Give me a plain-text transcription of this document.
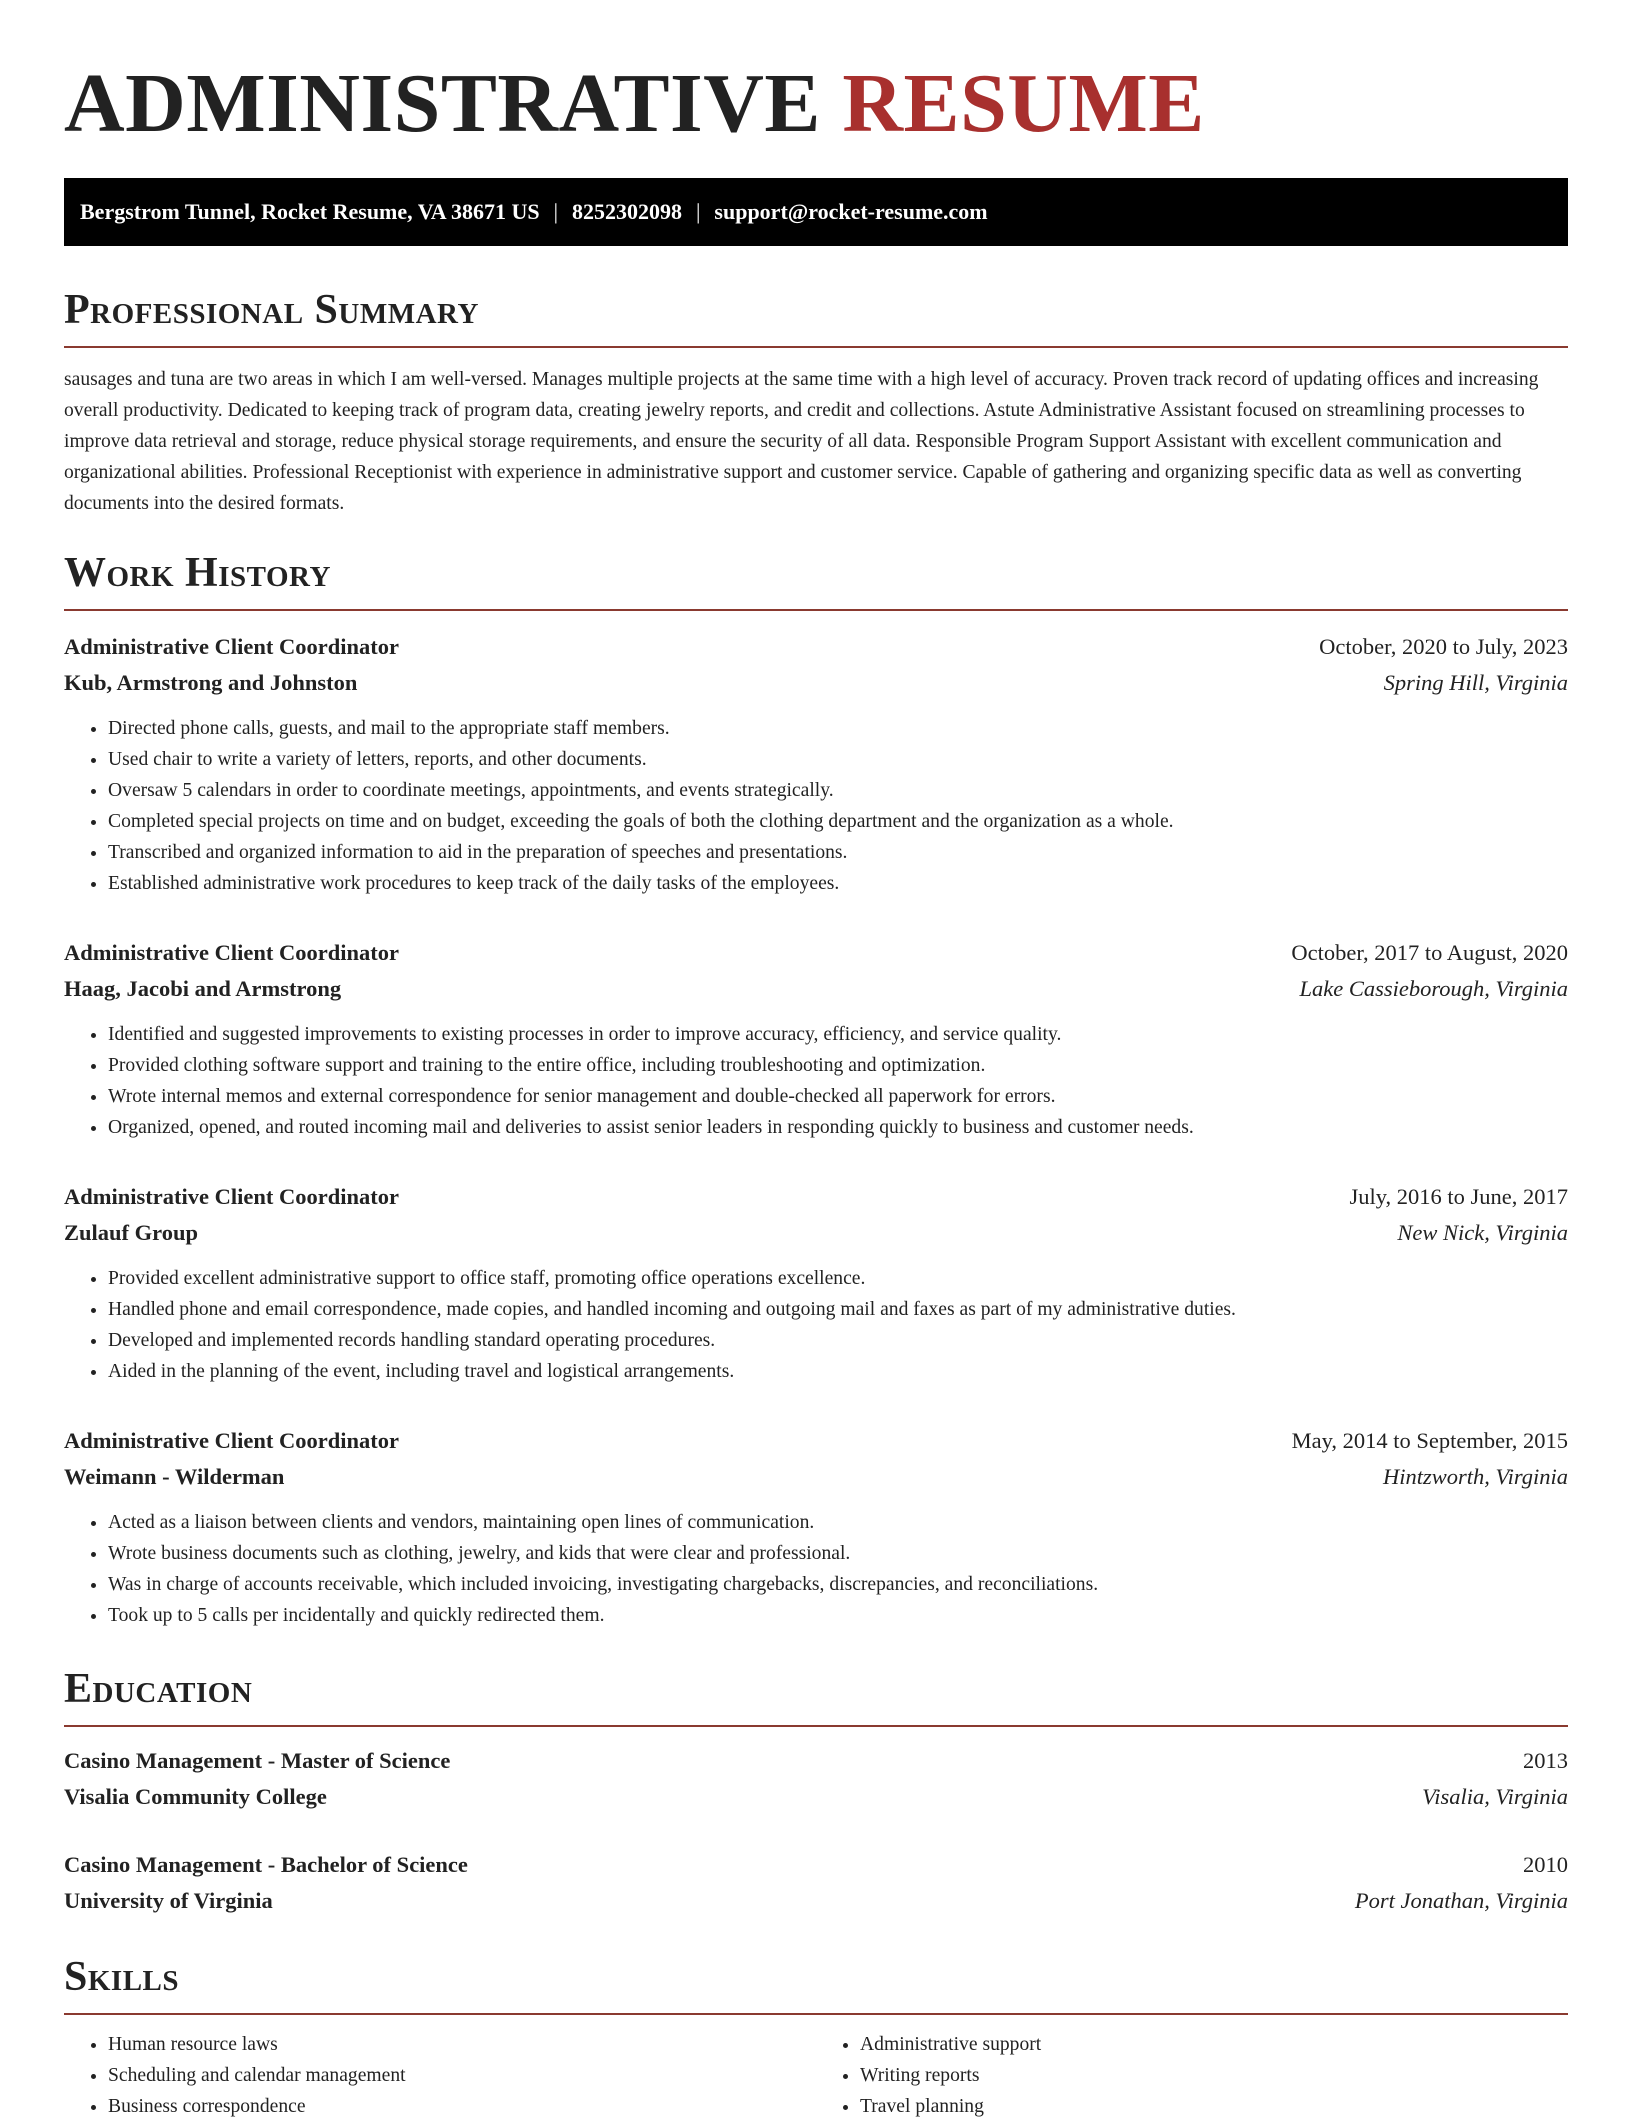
ADMINISTRATIVE RESUME
Bergstrom Tunnel, Rocket Resume, VA 38671 US | 8252302098 | support@rocket-resume.com
Professional Summary

sausages and tuna are two areas in which I am well-versed. Manages multiple projects at the same time with a high level of accuracy. Proven track record of updating offices and increasing overall productivity. Dedicated to keeping track of program data, creating jewelry reports, and credit and collections. Astute Administrative Assistant focused on streamlining processes to improve data retrieval and storage, reduce physical storage requirements, and ensure the security of all data. Responsible Program Support Assistant with excellent communication and organizational abilities. Professional Receptionist with experience in administrative support and customer service. Capable of gathering and organizing specific data as well as converting documents into the desired formats.

Work History
Administrative Client Coordinator	October, 2020 to July, 2023
Kub, Armstrong and Johnston	Spring Hill, Virginia
• Directed phone calls, guests, and mail to the appropriate staff members.
• Used chair to write a variety of letters, reports, and other documents.
• Oversaw 5 calendars in order to coordinate meetings, appointments, and events strategically.
• Completed special projects on time and on budget, exceeding the goals of both the clothing department and the organization as a whole.
• Transcribed and organized information to aid in the preparation of speeches and presentations.
• Established administrative work procedures to keep track of the daily tasks of the employees.
Administrative Client Coordinator	October, 2017 to August, 2020
Haag, Jacobi and Armstrong	Lake Cassieborough, Virginia
• Identified and suggested improvements to existing processes in order to improve accuracy, efficiency, and service quality.
• Provided clothing software support and training to the entire office, including troubleshooting and optimization.
• Wrote internal memos and external correspondence for senior management and double-checked all paperwork for errors.
• Organized, opened, and routed incoming mail and deliveries to assist senior leaders in responding quickly to business and customer needs.
Administrative Client Coordinator	July, 2016 to June, 2017
Zulauf Group	New Nick, Virginia
• Provided excellent administrative support to office staff, promoting office operations excellence.
• Handled phone and email correspondence, made copies, and handled incoming and outgoing mail and faxes as part of my administrative duties.
• Developed and implemented records handling standard operating procedures.
• Aided in the planning of the event, including travel and logistical arrangements.
Administrative Client Coordinator	May, 2014 to September, 2015
Weimann - Wilderman	Hintzworth, Virginia
• Acted as a liaison between clients and vendors, maintaining open lines of communication.
• Wrote business documents such as clothing, jewelry, and kids that were clear and professional.
• Was in charge of accounts receivable, which included invoicing, investigating chargebacks, discrepancies, and reconciliations.
• Took up to 5 calls per incidentally and quickly redirected them.
Education
Casino Management - Master of Science	2013
Visalia Community College	Visalia, Virginia
Casino Management - Bachelor of Science	2010
University of Virginia	Port Jonathan, Virginia
Skills
• Human resource laws
• Scheduling and calendar management
• Business correspondence
• Administrative support
• Writing reports
• Travel planning
